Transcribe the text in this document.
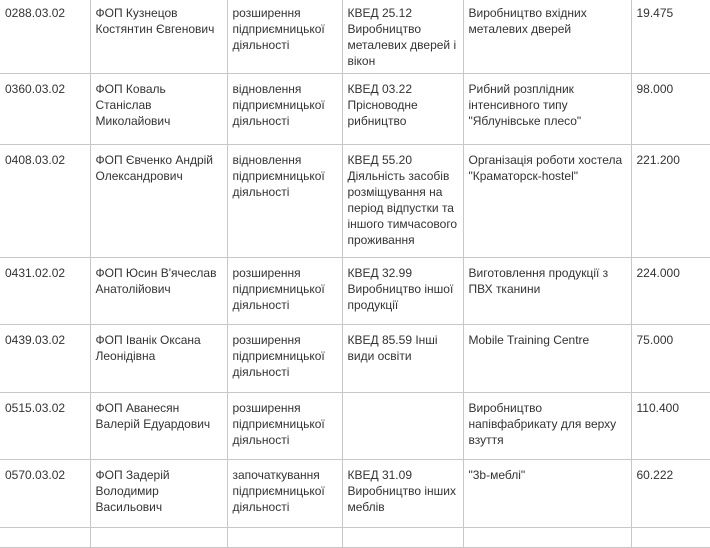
0288.03.02	ФОП Кузнецов Костянтин Євгенович	розширення підприємницької діяльності	КВЕД 25.12 Виробництво металевих дверей і вікон	Виробництво вхідних металевих дверей	19.475
0360.03.02	ФОП Коваль Станіслав Миколайович	відновлення підприємницької діяльності	КВЕД 03.22 Прісноводне рибництво	Рибний розплідник інтенсивного типу "Яблунівське плесо"	98.000
0408.03.02	ФОП Євченко Андрій Олександрович	відновлення підприємницької діяльності	КВЕД 55.20 Діяльність засобів розміщування на період відпустки та іншого тимчасового проживання	Організація роботи хостела "Краматорск-hostel"	221.200
0431.02.02	ФОП Юсин В'ячеслав Анатолійович	розширення підприємницької діяльності	КВЕД 32.99 Виробництво іншої продукції	Виготовлення продукції з ПВХ тканини	224.000
0439.03.02	ФОП Іванік Оксана Леонідівна	розширення підприємницької діяльності	КВЕД 85.59 Інші види освіти	Mobile Training Centre	75.000
0515.03.02	ФОП Аванесян Валерій Едуардович	розширення підприємницької діяльності		Виробництво напівфабрикату для верху взуття	110.400
0570.03.02	ФОП Задерій Володимир Васильович	започаткування підприємницької діяльності	КВЕД 31.09 Виробництво інших меблів	"3b-меблі"	60.222
